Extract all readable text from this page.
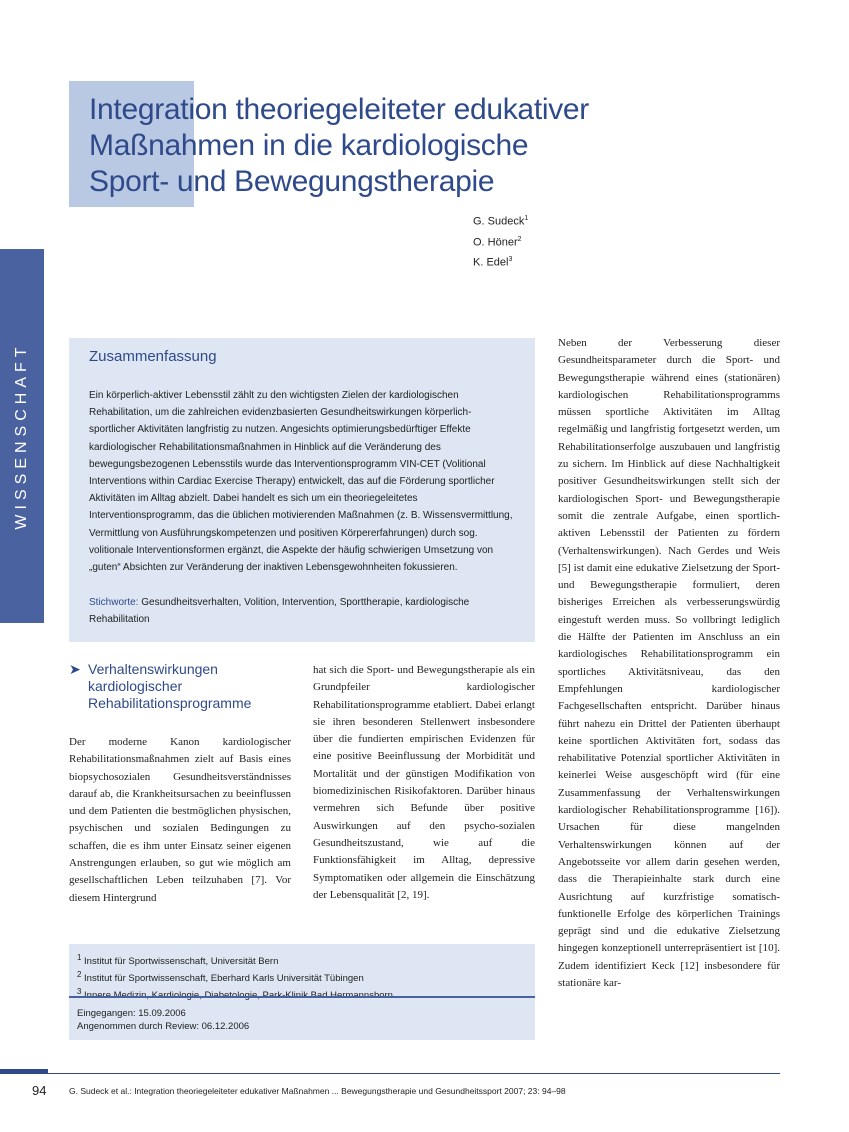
WISSENSCHAFT
Integration theoriegeleiteter edukativer
Maßnahmen in die kardiologische
Sport- und Bewegungstherapie
G. Sudeck$^1$
O. Höner$^2$
K. Edel$^3$
Zusammenfassung
Ein körperlich-aktiver Lebensstil zählt zu den wichtigsten Zielen der kardiologischen Rehabilitation, um die zahlreichen evidenzbasierten Gesundheitswirkungen körperlich-sportlicher Aktivitäten langfristig zu nutzen. Angesichts optimierungsbedürftiger Effekte kardiologischer Rehabilitationsmaßnahmen in Hinblick auf die Veränderung des bewegungsbezogenen Lebensstils wurde das Interventionsprogramm VIN-CET (Volitional Interventions within Cardiac Exercise Therapy) entwickelt, das auf die Förderung sportlicher Aktivitäten im Alltag abzielt. Dabei handelt es sich um ein theoriegeleitetes Interventionsprogramm, das die üblichen motivierenden Maßnahmen (z. B. Wissensvermittlung, Vermittlung von Ausführungskompetenzen und positiven Körpererfahrungen) durch sog. volitionale Interventionsformen ergänzt, die Aspekte der häufig schwierigen Umsetzung von „guten“ Absichten zur Veränderung der inaktiven Lebensgewohnheiten fokussieren.
Stichworte: Gesundheitsverhalten, Volition, Intervention, Sporttherapie, kardiologische Rehabilitation
➤ Verhaltenswirkungen kardiologischer Rehabilitationsprogramme
Der moderne Kanon kardiologischer Rehabilitationsmaßnahmen zielt auf Basis eines biopsychosozialen Gesundheitsverständnisses darauf ab, die Krankheitsursachen zu beeinflussen und dem Patienten die bestmöglichen physischen, psychischen und sozialen Bedingungen zu schaffen, die es ihm unter Einsatz seiner eigenen Anstrengungen erlauben, so gut wie möglich am gesellschaftlichen Leben teilzuhaben [7]. Vor diesem Hintergrund
hat sich die Sport- und Bewegungstherapie als ein Grundpfeiler kardiologischer Rehabilitationsprogramme etabliert. Dabei erlangt sie ihren besonderen Stellenwert insbesondere über die fundierten empirischen Evidenzen für eine positive Beeinflussung der Morbidität und Mortalität und der günstigen Modifikation von biomedizinischen Risikofaktoren. Darüber hinaus vermehren sich Befunde über positive Auswirkungen auf den psycho-sozialen Gesundheitszustand, wie auf die Funktionsfähigkeit im Alltag, depressive Symptomatiken oder allgemein die Einschätzung der Lebensqualität [2, 19].
Neben der Verbesserung dieser Gesundheitsparameter durch die Sport- und Bewegungstherapie während eines (stationären) kardiologischen Rehabilitationsprogramms müssen sportliche Aktivitäten im Alltag regelmäßig und langfristig fortgesetzt werden, um Rehabilitationserfolge auszubauen und langfristig zu sichern. Im Hinblick auf diese Nachhaltigkeit positiver Gesundheitswirkungen stellt sich der kardiologischen Sport- und Bewegungstherapie somit die zentrale Aufgabe, einen sportlich-aktiven Lebensstil der Patienten zu fördern (Verhaltenswirkungen). Nach Gerdes und Weis [5] ist damit eine edukative Zielsetzung der Sport- und Bewegungstherapie formuliert, deren bisheriges Erreichen als verbesserungswürdig eingestuft werden muss. So vollbringt lediglich die Hälfte der Patienten im Anschluss an ein kardiologisches Rehabilitationsprogramm ein sportliches Aktivitätsniveau, das den Empfehlungen kardiologischer Fachgesellschaften entspricht. Darüber hinaus führt nahezu ein Drittel der Patienten überhaupt keine sportlichen Aktivitäten fort, sodass das rehabilitative Potenzial sportlicher Aktivitäten in keinerlei Weise ausgeschöpft wird (für eine Zusammenfassung der Verhaltenswirkungen kardiologischer Rehabilitationsprogramme [16]). Ursachen für diese mangelnden Verhaltenswirkungen können auf der Angebotsseite vor allem darin gesehen werden, dass die Therapieinhalte stark durch eine Ausrichtung auf kurzfristige somatisch-funktionelle Erfolge des körperlichen Trainings geprägt sind und die edukative Zielsetzung hingegen konzeptionell unterrepräsentiert ist [10]. Zudem identifiziert Keck [12] insbesondere für stationäre kar-
$^1$ Institut für Sportwissenschaft, Universität Bern
$^2$ Institut für Sportwissenschaft, Eberhard Karls Universität Tübingen
$^3$
Eingegangen: 15.09.2006
Angenommen durch Review: 06.12.2006
94	G. Sudeck et al.: Integration theoriegeleiteter edukativer Maßnahmen ... Bewegungstherapie und Gesundheitssport 2007; 23: 94–98
